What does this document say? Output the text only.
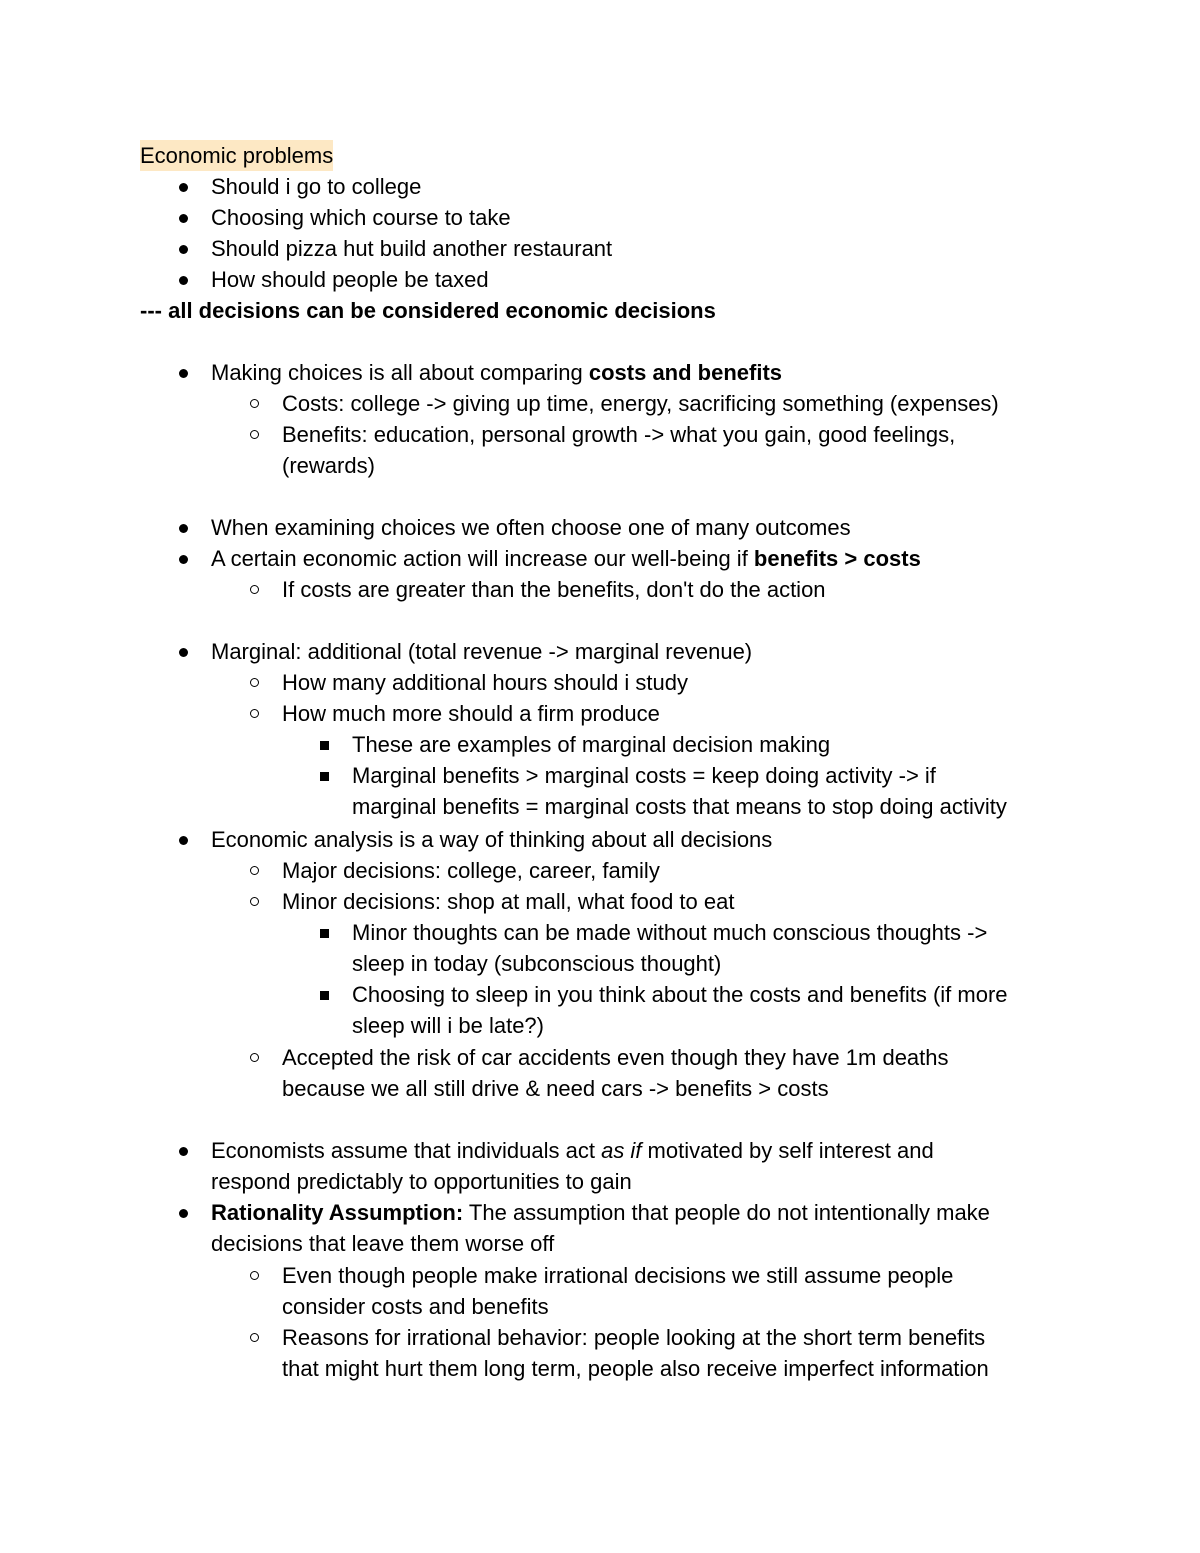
Economic problems
Should i go to college
Choosing which course to take
Should pizza hut build another restaurant
How should people be taxed
--- all decisions can be considered economic decisions
Making choices is all about comparing costs and benefits
Costs: college -> giving up time, energy, sacrificing something (expenses)
Benefits: education, personal growth -> what you gain, good feelings,
(rewards)
When examining choices we often choose one of many outcomes
A certain economic action will increase our well-being if benefits > costs
If costs are greater than the benefits, don't do the action
Marginal: additional (total revenue -> marginal revenue)
How many additional hours should i study
How much more should a firm produce
These are examples of marginal decision making
Marginal benefits > marginal costs = keep doing activity -> if
marginal benefits = marginal costs that means to stop doing activity
Economic analysis is a way of thinking about all decisions
Major decisions: college, career, family
Minor decisions: shop at mall, what food to eat
Minor thoughts can be made without much conscious thoughts ->
sleep in today (subconscious thought)
Choosing to sleep in you think about the costs and benefits (if more
sleep will i be late?)
Accepted the risk of car accidents even though they have 1m deaths
because we all still drive & need cars -> benefits > costs
Economists assume that individuals act as if motivated by self interest and
respond predictably to opportunities to gain
Rationality Assumption: The assumption that people do not intentionally make
decisions that leave them worse off
Even though people make irrational decisions we still assume people
consider costs and benefits
Reasons for irrational behavior: people looking at the short term benefits
that might hurt them long term, people also receive imperfect information
